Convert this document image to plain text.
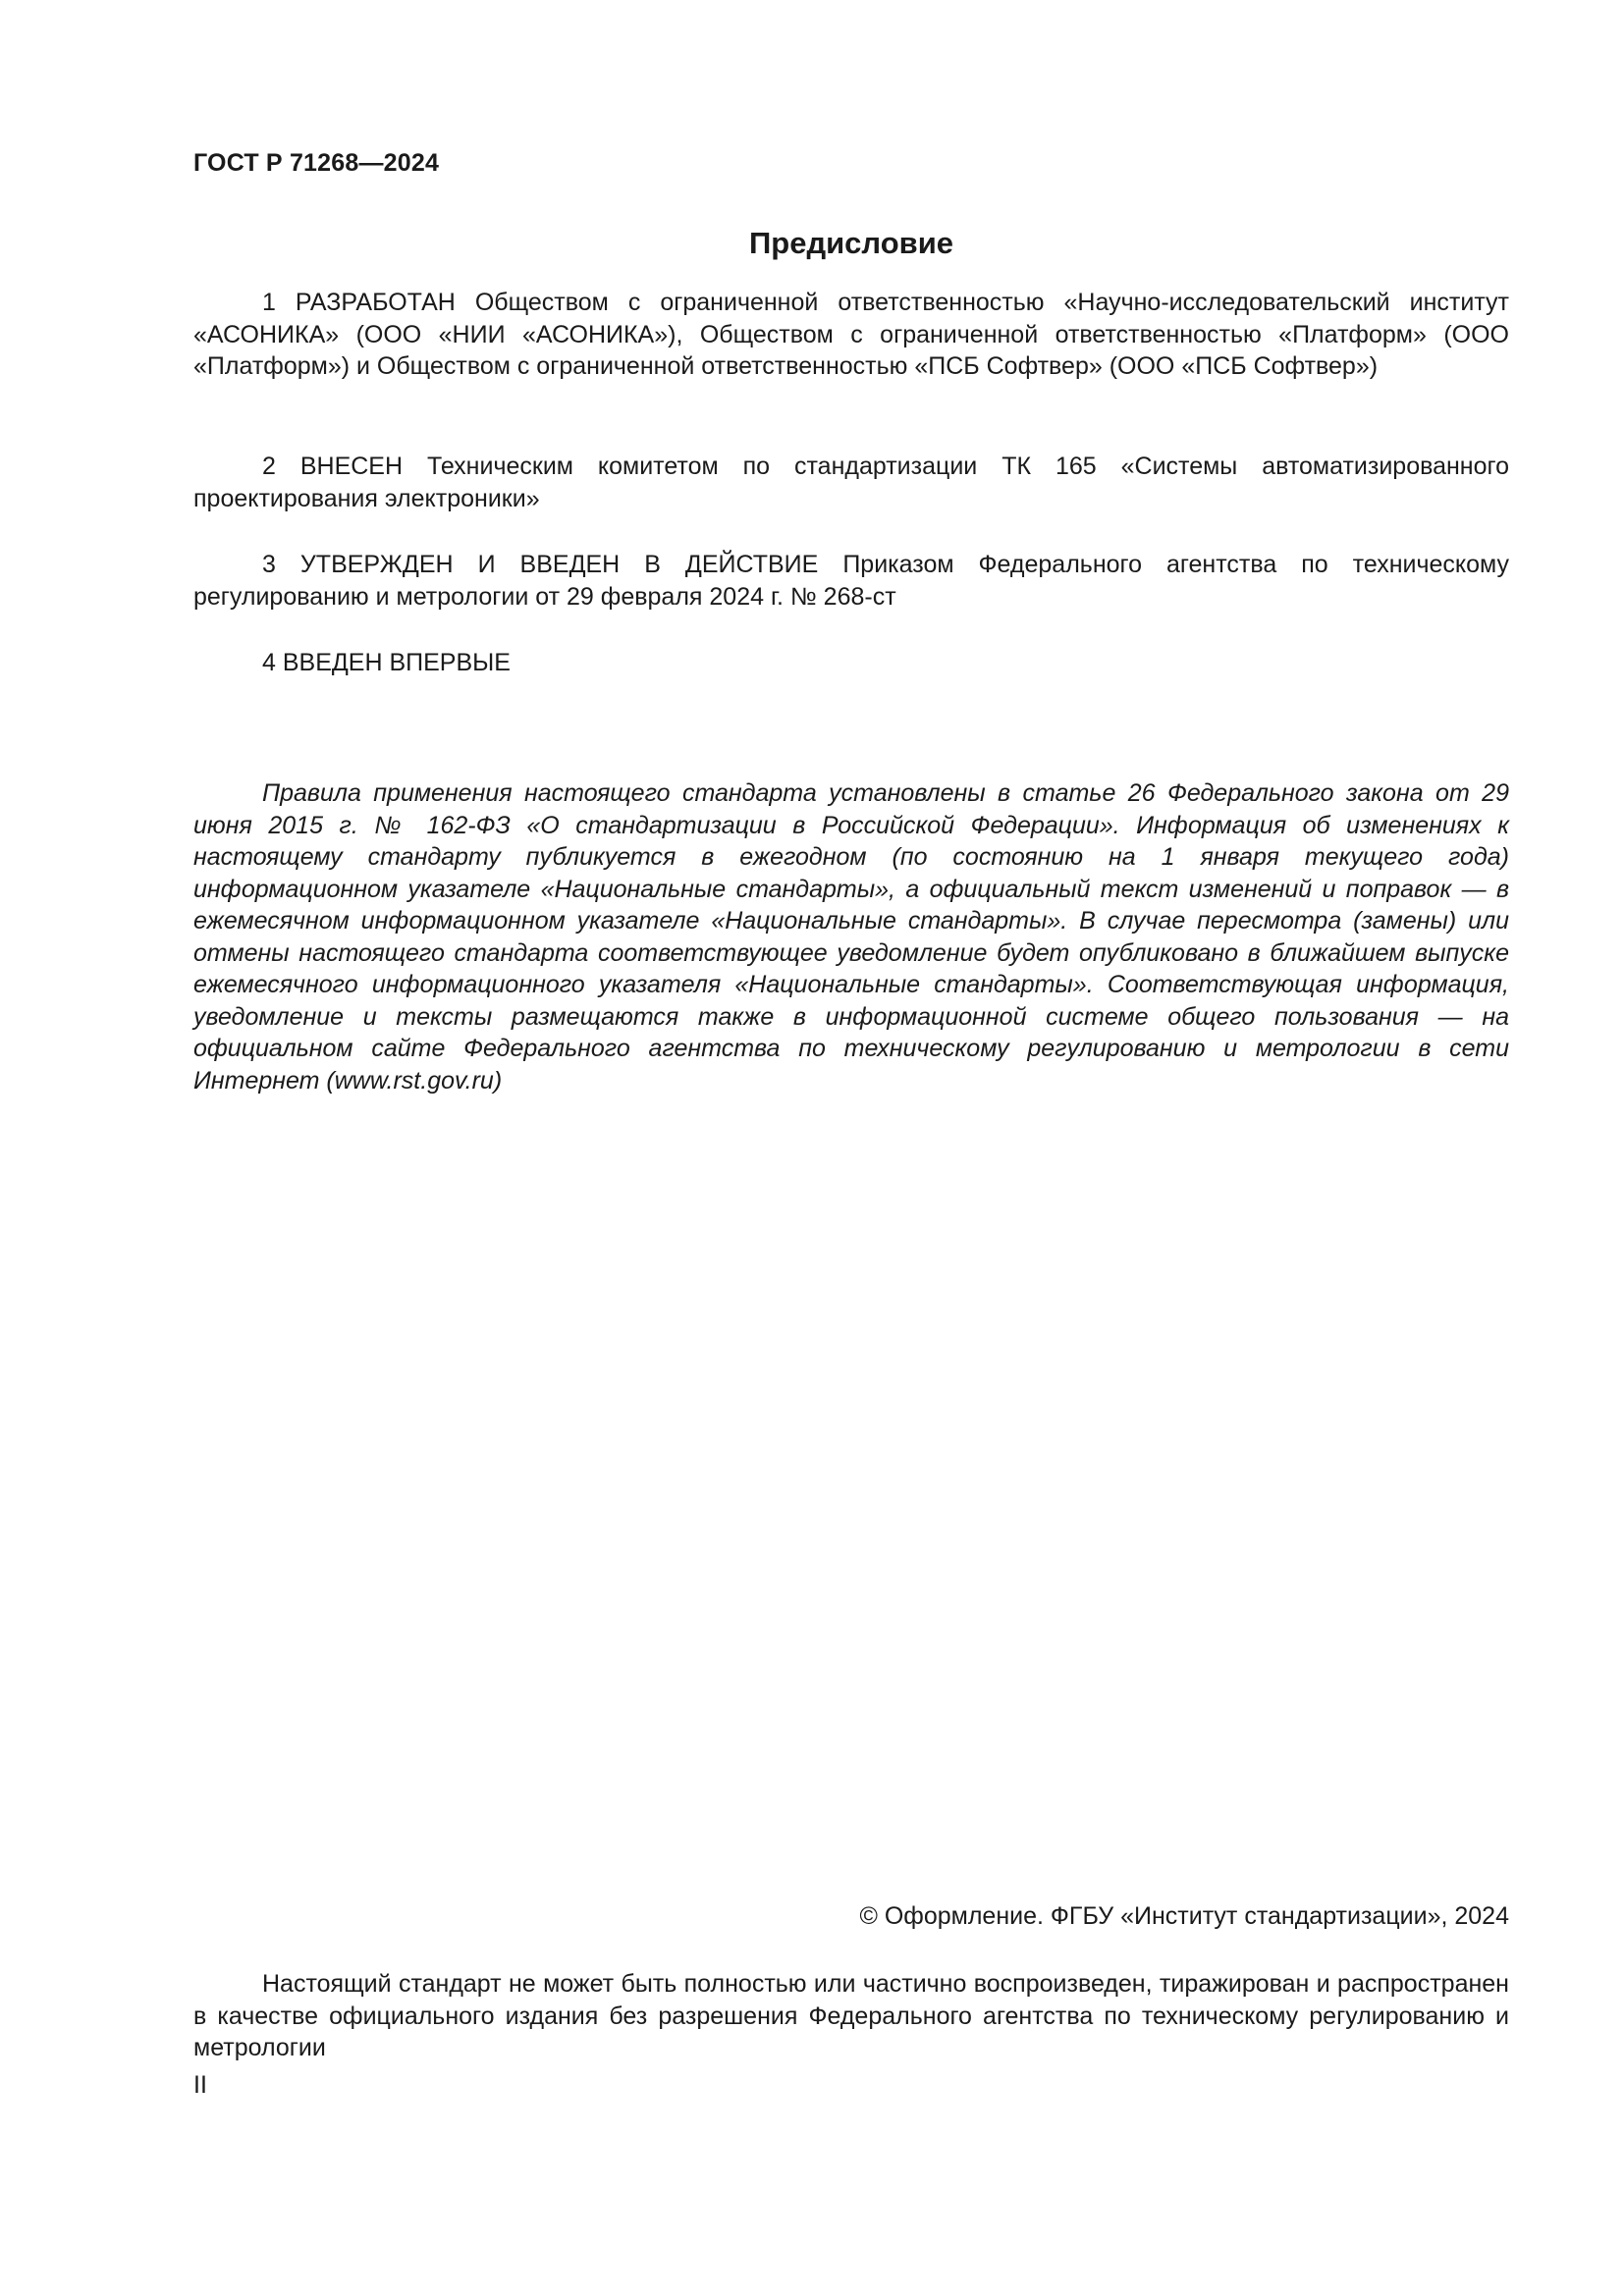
ГОСТ Р 71268—2024
Предисловие

1 РАЗРАБОТАН Обществом с ограниченной ответственностью «Научно-исследовательский институт «АСОНИКА» (ООО «НИИ «АСОНИКА»), Обществом с ограниченной ответственностью «Платформ» (ООО «Платформ») и Обществом с ограниченной ответственностью «ПСБ Софтвер» (ООО «ПСБ Софтвер»)

2 ВНЕСЕН Техническим комитетом по стандартизации ТК 165 «Системы автоматизированного проектирования электроники»

3 УТВЕРЖДЕН И ВВЕДЕН В ДЕЙСТВИЕ Приказом Федерального агентства по техническому регулированию и метрологии от 29 февраля 2024 г. № 268-ст

4 ВВЕДЕН ВПЕРВЫЕ

Правила применения настоящего стандарта установлены в статье 26 Федерального закона от 29 июня 2015 г. № 162-ФЗ «О стандартизации в Российской Федерации». Информация об изменениях к настоящему стандарту публикуется в ежегодном (по состоянию на 1 января текущего года) информационном указателе «Национальные стандарты», а официальный текст изменений и поправок — в ежемесячном информационном указателе «Национальные стандарты». В случае пересмотра (замены) или отмены настоящего стандарта соответствующее уведомление будет опубликовано в ближайшем выпуске ежемесячного информационного указателя «Национальные стандарты». Соответствующая информация, уведомление и тексты размещаются также в информационной системе общего пользования — на официальном сайте Федерального агентства по техническому регулированию и метрологии в сети Интернет (www.rst.gov.ru)

© Оформление. ФГБУ «Институт стандартизации», 2024

Настоящий стандарт не может быть полностью или частично воспроизведен, тиражирован и распространен в качестве официального издания без разрешения Федерального агентства по техническому регулированию и метрологии

II
